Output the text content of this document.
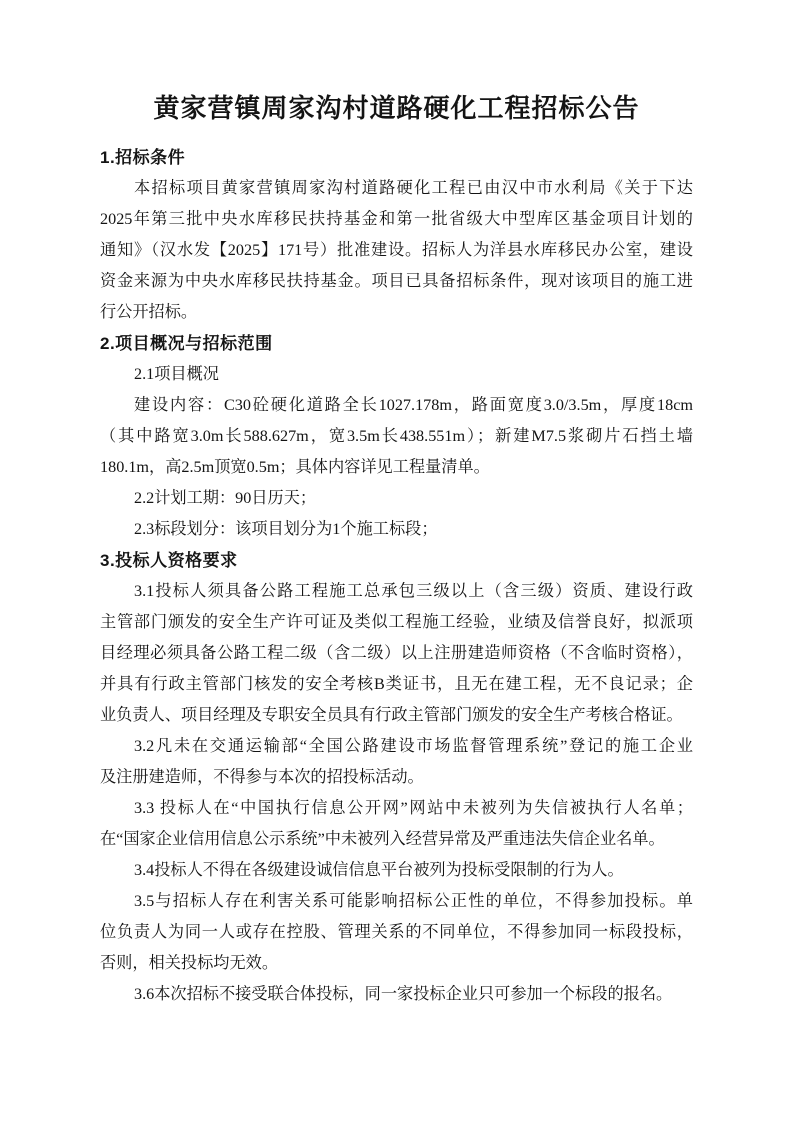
黄家营镇周家沟村道路硬化工程招标公告
1.招标条件
本招标项目黄家营镇周家沟村道路硬化工程已由汉中市水利局《关于下达
2025年第三批中央水库移民扶持基金和第一批省级大中型库区基金项目计划的
通知》（汉水发【2025】171号）批准建设。招标人为洋县水库移民办公室，建设
资金来源为中央水库移民扶持基金。项目已具备招标条件，现对该项目的施工进
行公开招标。
2.项目概况与招标范围
2.1项目概况
建设内容：C30砼硬化道路全长1027.178m，路面宽度3.0/3.5m，厚度18cm
（其中路宽3.0m长588.627m，宽3.5m长438.551m）；新建M7.5浆砌片石挡土墙
180.1m，高2.5m顶宽0.5m；具体内容详见工程量清单。
2.2计划工期：90日历天；
2.3标段划分：该项目划分为1个施工标段；
3.投标人资格要求
3.1投标人须具备公路工程施工总承包三级以上（含三级）资质、建设行政
主管部门颁发的安全生产许可证及类似工程施工经验，业绩及信誉良好，拟派项
目经理必须具备公路工程二级（含二级）以上注册建造师资格（不含临时资格），
并具有行政主管部门核发的安全考核B类证书，且无在建工程，无不良记录；企
业负责人、项目经理及专职安全员具有行政主管部门颁发的安全生产考核合格证。
3.2凡未在交通运输部“全国公路建设市场监督管理系统”登记的施工企业
及注册建造师，不得参与本次的招投标活动。
3.3 投标人在“中国执行信息公开网”网站中未被列为失信被执行人名单；
在“国家企业信用信息公示系统”中未被列入经营异常及严重违法失信企业名单。
3.4投标人不得在各级建设诚信信息平台被列为投标受限制的行为人。
3.5与招标人存在利害关系可能影响招标公正性的单位，不得参加投标。单
位负责人为同一人或存在控股、管理关系的不同单位，不得参加同一标段投标，
否则，相关投标均无效。
3.6本次招标不接受联合体投标，同一家投标企业只可参加一个标段的报名。
